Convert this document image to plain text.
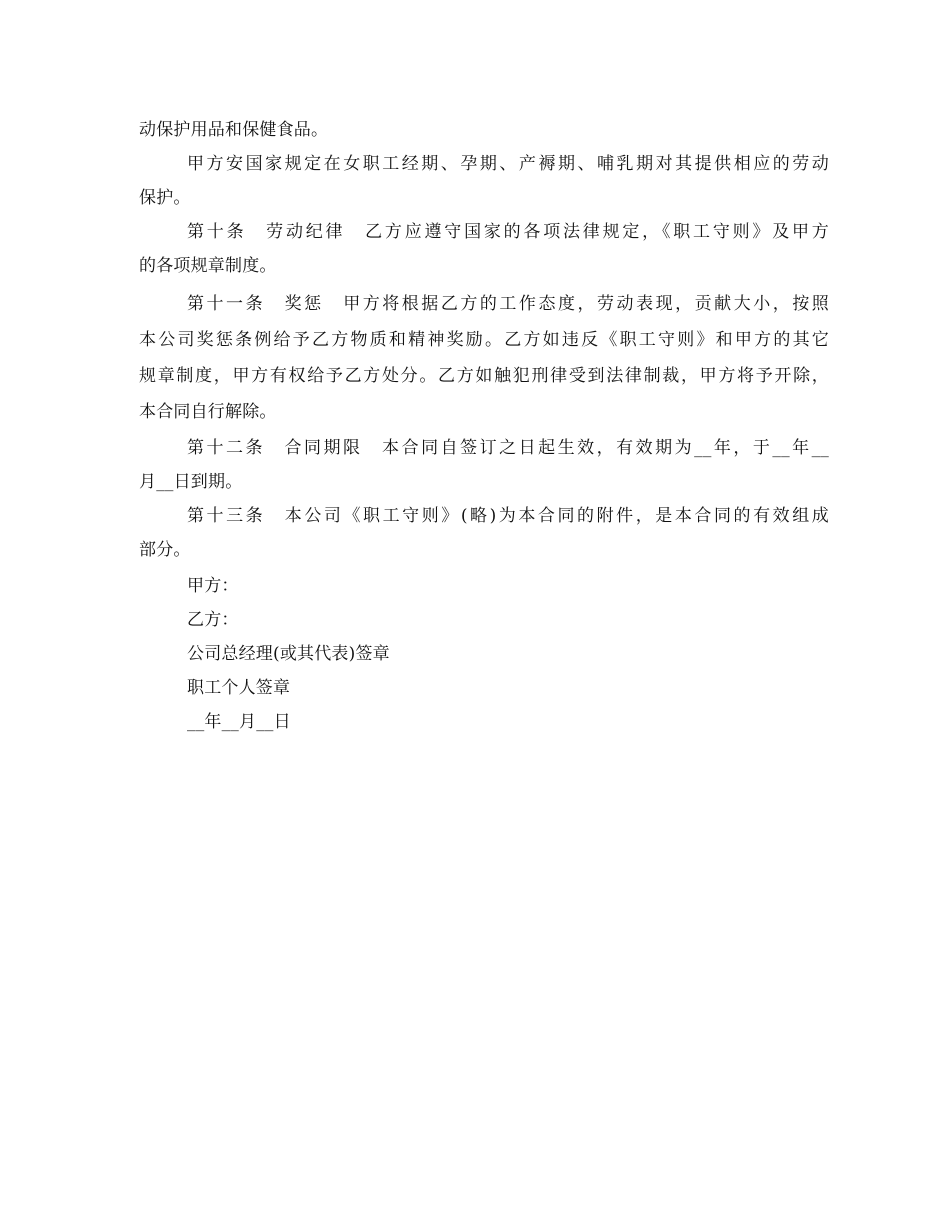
动保护用品和保健食品。
甲方安国家规定在女职工经期、孕期、产褥期、哺乳期对其提供相应的劳动
保护。
第十条　劳动纪律　乙方应遵守国家的各项法律规定，《职工守则》及甲方
的各项规章制度。
第十一条　奖惩　甲方将根据乙方的工作态度，劳动表现，贡献大小，按照
本公司奖惩条例给予乙方物质和精神奖励。乙方如违反《职工守则》和甲方的其它
规章制度，甲方有权给予乙方处分。乙方如触犯刑律受到法律制裁，甲方将予开除，
本合同自行解除。
第十二条　合同期限　本合同自签订之日起生效，有效期为__年，于__年__
月__日到期。
第十三条　本公司《职工守则》(略)为本合同的附件，是本合同的有效组成
部分。
甲方：
乙方：
公司总经理(或其代表)签章
职工个人签章
__年__月__日
